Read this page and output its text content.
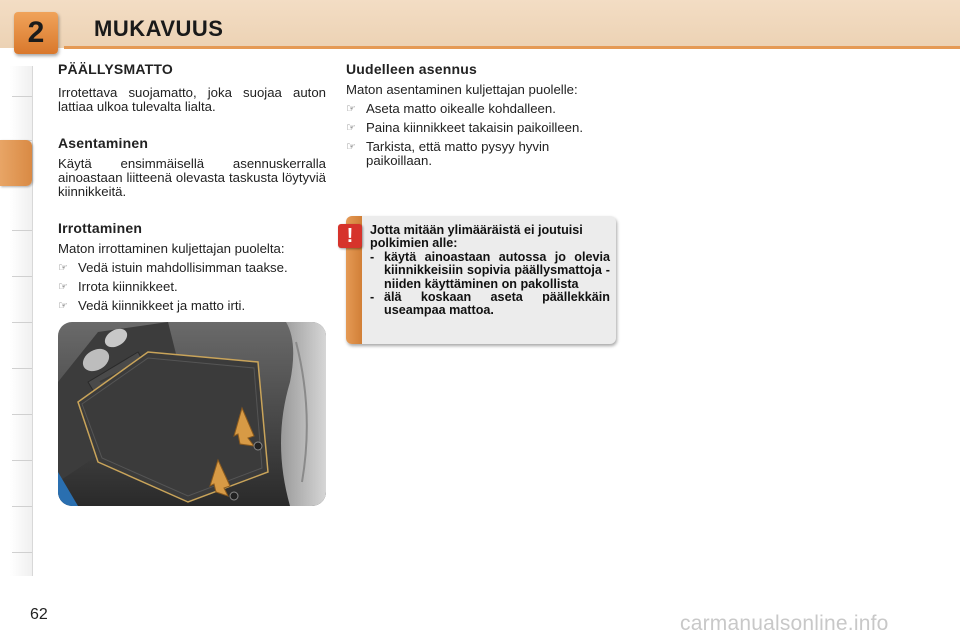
2	MUKAVUUS
PÄÄLLYSMATTO

Irrotettava suojamatto, joka suojaa auton lattiaa ulkoa tulevalta lialta.

Asentaminen

Käytä ensimmäisellä asennuskerralla ainoastaan liitteenä olevasta taskusta löytyviä kiinnikkeitä.

Irrottaminen

Maton irrottaminen kuljettajan puolelta:

☞ Vedä istuin mahdollisimman taakse.
☞ Irrota kiinnikkeet.
☞ Vedä kiinnikkeet ja matto irti.
Uudelleen asennus

Maton asentaminen kuljettajan puolelle:

☞ Aseta matto oikealle kohdalleen.
☞ Paina kiinnikkeet takaisin paikoilleen.
☞ Tarkista, että matto pysyy hyvin paikoillaan.
Jotta mitään ylimääräistä ei joutuisi polkimien alle:
- käytä ainoastaan autossa jo olevia kiinnikkeisiin sopivia päällysmattoja - niiden käyttäminen on pakollista
- älä koskaan aseta päällekkäin useampaa mattoa.
!
62	carmanualsonline.info
